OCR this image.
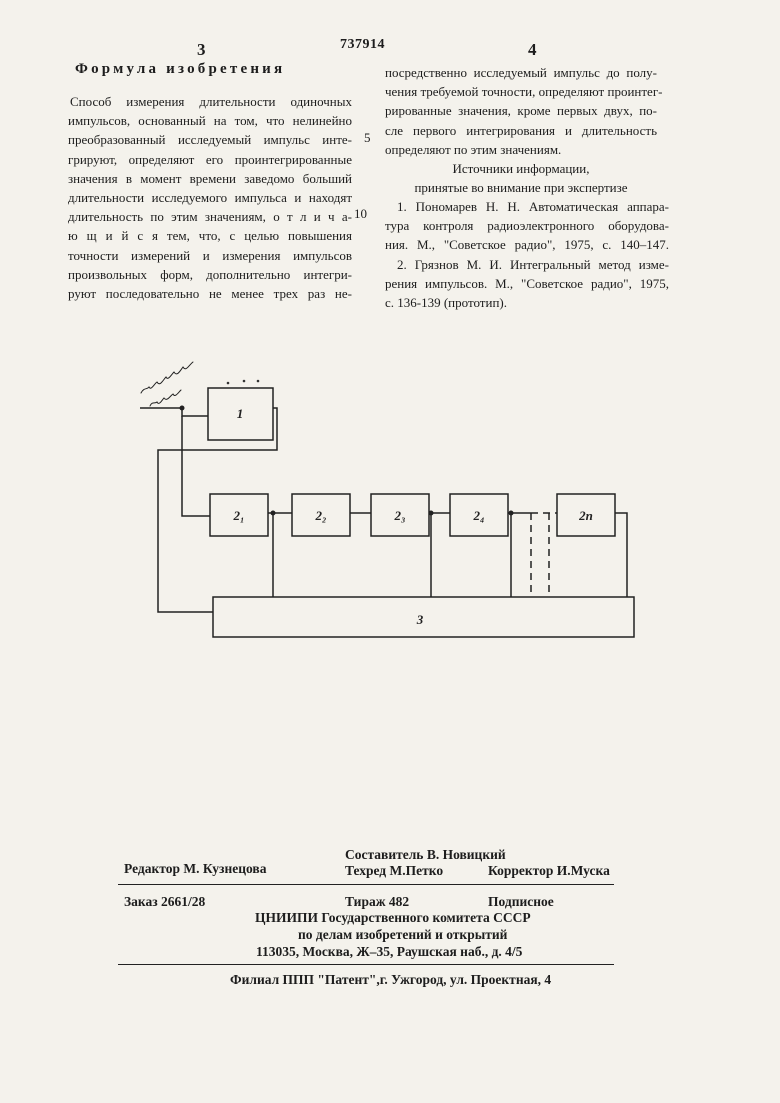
3	737914	4
Формула изобретения
Способ измерения длительности одиночных
импульсов, основанный на том, что нелинейно
преобразованный исследуемый импульс инте-
грируют, определяют его проинтегрированные
значения в момент времени заведомо больший
длительности исследуемого импульса и находят
длительность по этим значениям, о т л и ч а-
ю щ и й с я тем, что, с целью повышения
точности измерений и измерения импульсов
произвольных форм, дополнительно интегри-
руют последовательно не менее трех раз не-
5
10
посредственно исследуемый импульс до полу-
чения требуемой точности, определяют проинтег-
рированные значения, кроме первых двух, по-
сле первого интегрирования и длительность
определяют по этим значениям.
Источники информации,
принятые во внимание при экспертизе
1. Пономарев Н. Н. Автоматическая аппара-
тура контроля радиоэлектронного оборудова-
ния. М., "Советское радио", 1975, с. 140–147.
2. Грязнов М. И. Интегральный метод изме-
рения импульсов. М., "Советское радио", 1975,
с. 136-139 (прототип).
1
2₁	2₂	2₃	2₄	2n
3
Редактор М. Кузнецова
Составитель В. Новицкий
Техред М.Петко	Корректор И.Муска
Заказ 2661/28	Тираж 482	Подписное
ЦНИИПИ Государственного комитета СССР
по делам изобретений и открытий
113035, Москва, Ж–35, Раушская наб., д. 4/5
Филиал ППП "Патент",г. Ужгород, ул. Проектная, 4
